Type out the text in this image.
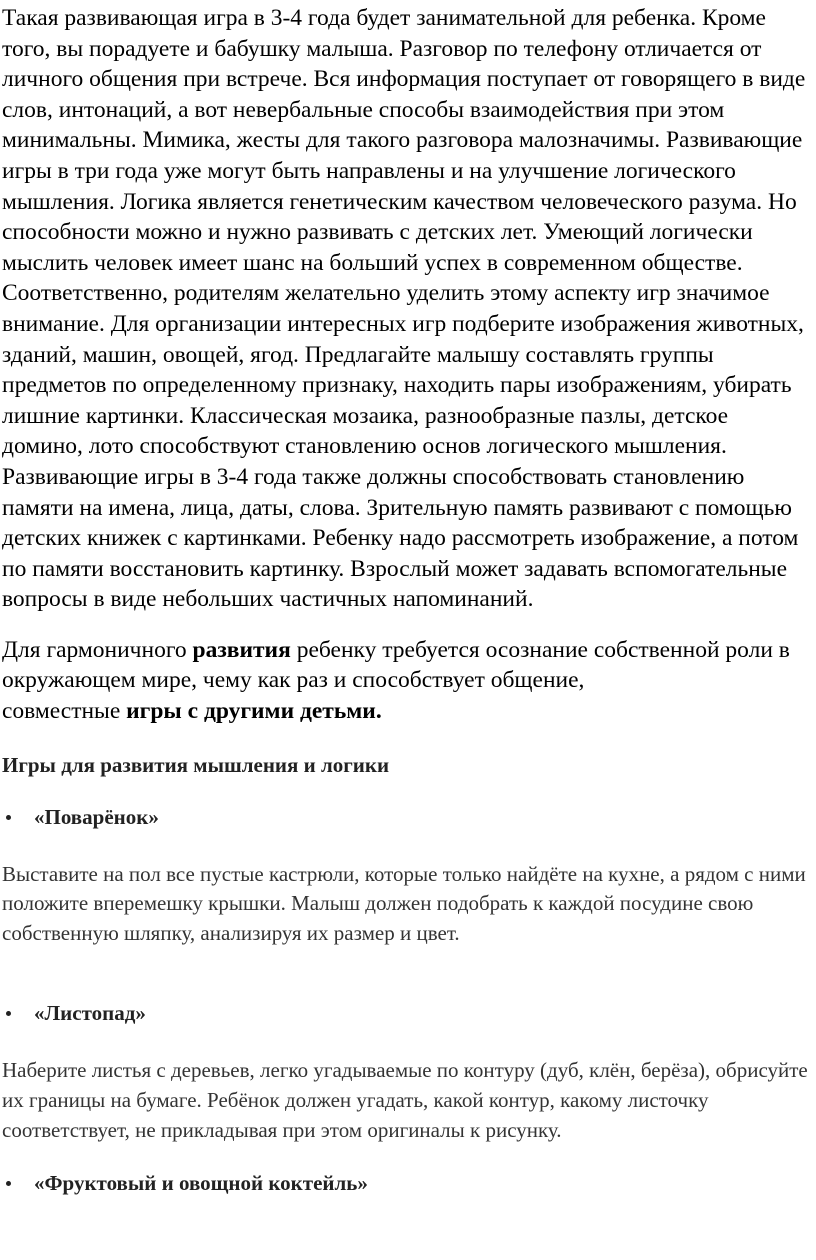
Такая развивающая игра в 3-4 года будет занимательной для ребенка. Кроме того, вы порадуете и бабушку малыша. Разговор по телефону отличается от личного общения при встрече. Вся информация поступает от говорящего в виде слов, интонаций, а вот невербальные способы взаимодействия при этом минимальны. Мимика, жесты для такого разговора малозначимы. Развивающие игры в три года уже могут быть направлены и на улучшение логического мышления. Логика является генетическим качеством человеческого разума. Но способности можно и нужно развивать с детских лет. Умеющий логически мыслить человек имеет шанс на больший успех в современном обществе. Соответственно, родителям желательно уделить этому аспекту игр значимое внимание. Для организации интересных игр подберите изображения животных, зданий, машин, овощей, ягод. Предлагайте малышу составлять группы предметов по определенному признаку, находить пары изображениям, убирать лишние картинки. Классическая мозаика, разнообразные пазлы, детское домино, лото способствуют становлению основ логического мышления. Развивающие игры в 3-4 года также должны способствовать становлению памяти на имена, лица, даты, слова. Зрительную память развивают с помощью детских книжек с картинками. Ребенку надо рассмотреть изображение, а потом по памяти восстановить картинку. Взрослый может задавать вспомогательные вопросы в виде небольших частичных напоминаний.

Для гармоничного развития ребенку требуется осознание собственной роли в окружающем мире, чему как раз и способствует общение,
совместные игры с другими детьми.

Игры для развития мышления и логики
«Поварёнок»

Выставите на пол все пустые кастрюли, которые только найдёте на кухне, а рядом с ними положите вперемешку крышки. Малыш должен подобрать к каждой посудине свою собственную шляпку, анализируя их размер и цвет.

«Листопад»

Наберите листья с деревьев, легко угадываемые по контуру (дуб, клён, берёза), обрисуйте их границы на бумаге. Ребёнок должен угадать, какой контур, какому листочку соответствует, не прикладывая при этом оригиналы к рисунку.

«Фруктовый и овощной коктейль»
